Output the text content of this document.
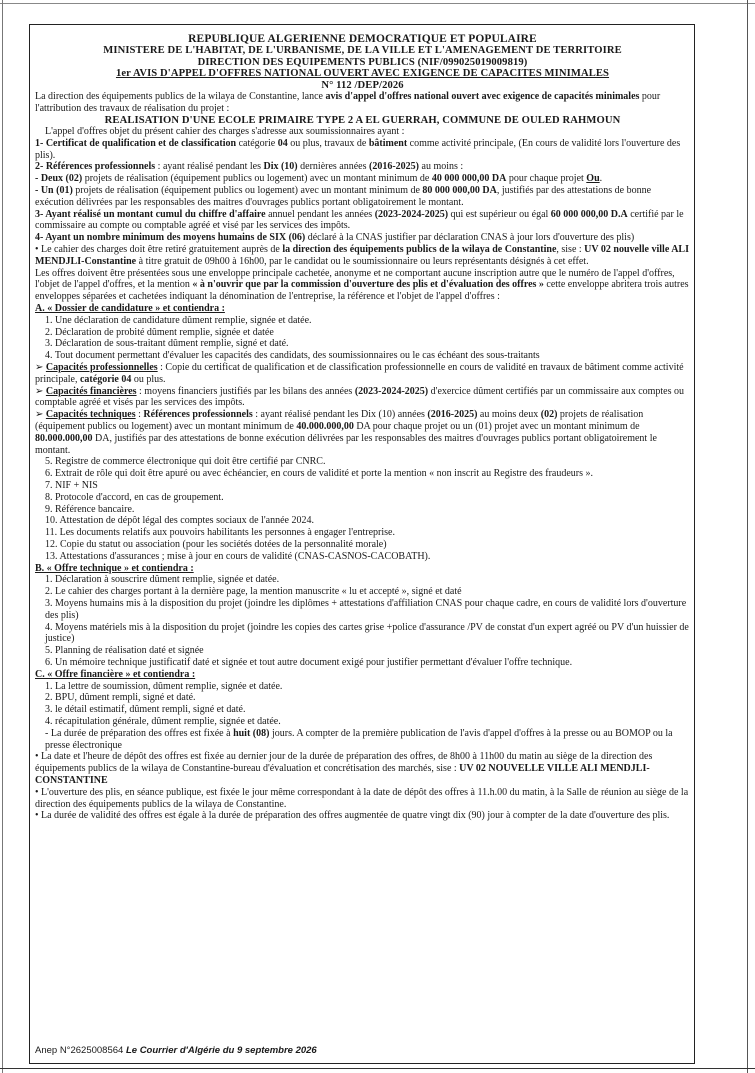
REPUBLIQUE ALGERIENNE DEMOCRATIQUE ET POPULAIRE
MINISTERE DE L'HABITAT, DE L'URBANISME, DE LA VILLE ET L'AMENAGEMENT DE TERRITOIRE
DIRECTION DES EQUIPEMENTS PUBLICS (NIF/099025019009819)
1er AVIS D'APPEL D'OFFRES NATIONAL OUVERT AVEC EXIGENCE DE CAPACITES MINIMALES
N° 112 /DEP/2026

La direction des équipements publics de la wilaya de Constantine, lance avis d'appel d'offres national ouvert avec exigence de capacités minimales pour l'attribution des travaux de réalisation du projet :

REALISATION D'UNE ECOLE PRIMAIRE TYPE 2 A EL GUERRAH, COMMUNE DE OULED RAHMOUN

L'appel d'offres objet du présent cahier des charges s'adresse aux soumissionnaires ayant :

1- Certificat de qualification et de classification catégorie 04 ou plus, travaux de bâtiment comme activité principale, (En cours de validité lors l'ouverture des plis).

2- Références professionnels : ayant réalisé pendant les Dix (10) dernières années (2016-2025) au moins :

- Deux (02) projets de réalisation (équipement publics ou logement) avec un montant minimum de 40 000 000,00 DA pour chaque projet Ou.

- Un (01) projets de réalisation (équipement publics ou logement) avec un montant minimum de 80 000 000,00 DA, justifiés par des attestations de bonne exécution délivrées par les responsables des maitres d'ouvrages publics portant obligatoirement le montant.

3- Ayant réalisé un montant cumul du chiffre d'affaire annuel pendant les années (2023-2024-2025) qui est supérieur ou égal 60 000 000,00 D.A certifié par le commissaire au compte ou comptable agréé et visé par les services des impôts.

4- Ayant un nombre minimum des moyens humains de SIX (06) déclaré à la CNAS justifier par déclaration CNAS à jour lors d'ouverture des plis)

• Le cahier des charges doit être retiré gratuitement auprès de la direction des équipements publics de la wilaya de Constantine, sise : UV 02 nouvelle ville ALI MENDJLI-Constantine à titre gratuit de 09h00 à 16h00, par le candidat ou le soumissionnaire ou leurs représentants désignés à cet effet.

Les offres doivent être présentées sous une enveloppe principale cachetée, anonyme et ne comportant aucune inscription autre que le numéro de l'appel d'offres, l'objet de l'appel d'offres, et la mention « à n'ouvrir que par la commission d'ouverture des plis et d'évaluation des offres » cette enveloppe abritera trois autres enveloppes séparées et cachetées indiquant la dénomination de l'entreprise, la référence et l'objet de l'appel d'offres :

A. « Dossier de candidature » et contiendra :

1. Une déclaration de candidature dûment remplie, signée et datée.

2. Déclaration de probité dûment remplie, signée et datée

3. Déclaration de sous-traitant dûment remplie, signé et daté.

4. Tout document permettant d'évaluer les capacités des candidats, des soumissionnaires ou le cas échéant des sous-traitants

➢ Capacités professionnelles : Copie du certificat de qualification et de classification professionnelle en cours de validité en travaux de bâtiment comme activité principale, catégorie 04 ou plus.

➢ Capacités financières : moyens financiers justifiés par les bilans des années (2023-2024-2025) d'exercice dûment certifiés par un commissaire aux comptes ou comptable agréé et visés par les services des impôts.

➢ Capacités techniques : Références professionnels : ayant réalisé pendant les Dix (10) années (2016-2025) au moins deux (02) projets de réalisation (équipement publics ou logement) avec un montant minimum de 40.000.000,00 DA pour chaque projet ou un (01) projet avec un montant minimum de 80.000.000,00 DA, justifiés par des attestations de bonne exécution délivrées par les responsables des maitres d'ouvrages publics portant obligatoirement le montant.

5. Registre de commerce électronique qui doit être certifié par CNRC.

6. Extrait de rôle qui doit être apuré ou avec échéancier, en cours de validité et porte la mention « non inscrit au Registre des fraudeurs ».

7. NIF + NIS

8. Protocole d'accord, en cas de groupement.

9. Référence bancaire.

10. Attestation de dépôt légal des comptes sociaux de l'année 2024.

11. Les documents relatifs aux pouvoirs habilitants les personnes à engager l'entreprise.

12. Copie du statut ou association (pour les sociétés dotées de la personnalité morale)

13. Attestations d'assurances ; mise à jour en cours de validité (CNAS-CASNOS-CACOBATH).

B. « Offre technique » et contiendra :

1. Déclaration à souscrire dûment remplie, signée et datée.

2. Le cahier des charges portant à la dernière page, la mention manuscrite « lu et accepté », signé et daté

3. Moyens humains mis à la disposition du projet (joindre les diplômes + attestations d'affiliation CNAS pour chaque cadre, en cours de validité lors d'ouverture des plis)

4. Moyens matériels mis à la disposition du projet (joindre les copies des cartes grise +police d'assurance /PV de constat d'un expert agréé ou PV d'un huissier de justice)

5. Planning de réalisation daté et signée

6. Un mémoire technique justificatif daté et signée et tout autre document exigé pour justifier permettant d'évaluer l'offre technique.

C. « Offre financière » et contiendra :

1. La lettre de soumission, dûment remplie, signée et datée.

2. BPU, dûment rempli, signé et daté.

3. le détail estimatif, dûment rempli, signé et daté.

4. récapitulation générale, dûment remplie, signée et datée.

- La durée de préparation des offres est fixée à huit (08) jours. A compter de la première publication de l'avis d'appel d'offres à la presse ou au BOMOP ou la presse électronique

• La date et l'heure de dépôt des offres est fixée au dernier jour de la durée de préparation des offres, de 8h00 à 11h00 du matin au siège de la direction des équipements publics de la wilaya de Constantine-bureau d'évaluation et concrétisation des marchés, sise : UV 02 NOUVELLE VILLE ALI MENDJLI-CONSTANTINE

• L'ouverture des plis, en séance publique, est fixée le jour même correspondant à la date de dépôt des offres à 11.h.00 du matin, à la Salle de réunion au siège de la direction des équipements publics de la wilaya de Constantine.

• La durée de validité des offres est égale à la durée de préparation des offres augmentée de quatre vingt dix (90) jour à compter de la date d'ouverture des plis.

Anep N°2625008564 Le Courrier d'Algérie du 9 septembre 2026
